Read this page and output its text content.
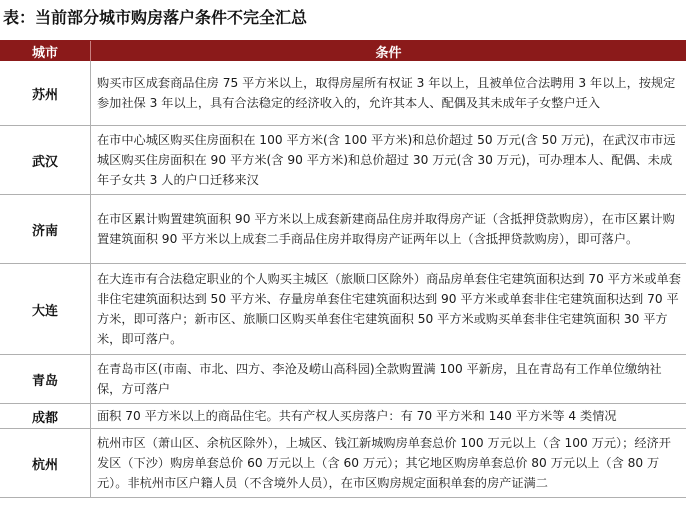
表：当前部分城市购房落户条件不完全汇总
城市	条件
苏州	购买市区成套商品住房 75 平方米以上，取得房屋所有权证 3 年以上，且被单位合法聘用 3 年以上，按规定参加社保 3 年以上，具有合法稳定的经济收入的，允许其本人、配偶及其未成年子女整户迁入
武汉	在市中心城区购买住房面积在 100 平方米(含 100 平方米)和总价超过 50 万元(含 50 万元)，在武汉市市远城区购买住房面积在 90 平方米(含 90 平方米)和总价超过 30 万元(含 30 万元)，可办理本人、配偶、未成年子女共 3 人的户口迁移来汉
济南	在市区累计购置建筑面积 90 平方米以上成套新建商品住房并取得房产证（含抵押贷款购房），在市区累计购置建筑面积 90 平方米以上成套二手商品住房并取得房产证两年以上（含抵押贷款购房），即可落户。
大连	在大连市有合法稳定职业的个人购买主城区（旅顺口区除外）商品房单套住宅建筑面积达到 70 平方米或单套非住宅建筑面积达到 50 平方米、存量房单套住宅建筑面积达到 90 平方米或单套非住宅建筑面积达到 70 平方米，即可落户；新市区、旅顺口区购买单套住宅建筑面积 50 平方米或购买单套非住宅建筑面积 30 平方米，即可落户。
青岛	在青岛市区(市南、市北、四方、李沧及崂山高科园)全款购置满 100 平新房，且在青岛有工作单位缴纳社保，方可落户
成都	面积 70 平方米以上的商品住宅。共有产权人买房落户：有 70 平方米和 140 平方米等 4 类情况
杭州	杭州市区（萧山区、余杭区除外），上城区、钱江新城购房单套总价 100 万元以上（含 100 万元）；经济开发区（下沙）购房单套总价 60 万元以上（含 60 万元）；其它地区购房单套总价 80 万元以上（含 80 万元）。非杭州市区户籍人员（不含境外人员），在市区购房规定面积单套的房产证满二
